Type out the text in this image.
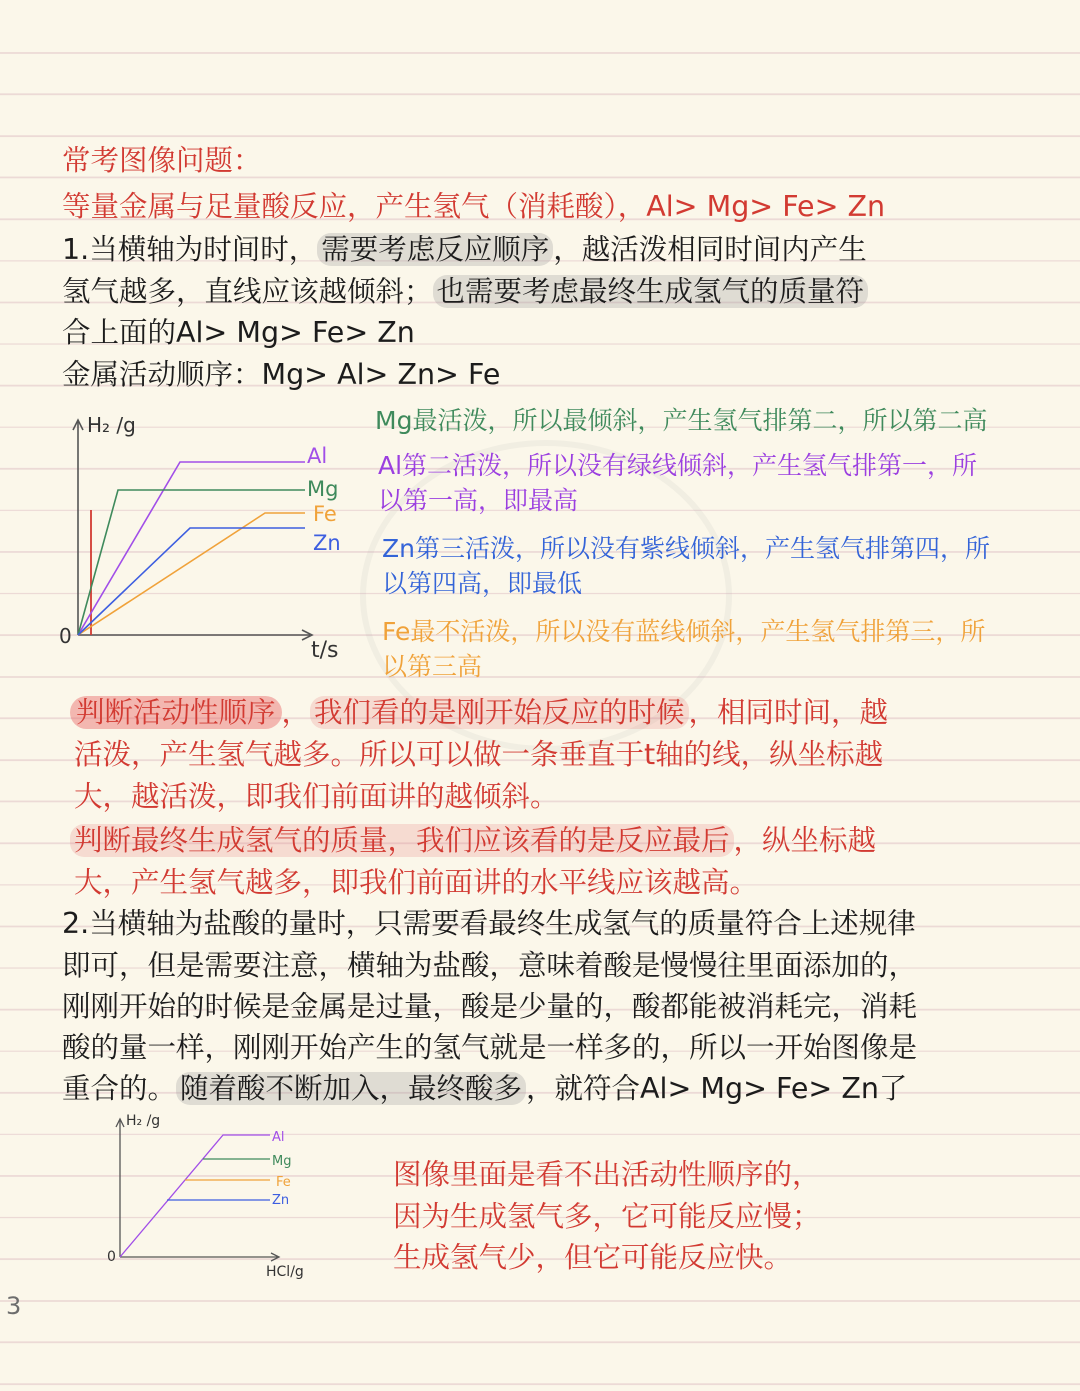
常考图像问题：
等量金属与足量酸反应，产生氢气（消耗酸），Al> Mg> Fe> Zn
1.当横轴为时间时， 需要考虑反应顺序 ，越活泼相同时间内产生
氢气越多，直线应该越倾斜； 也需要考虑最终生成氢气的质量符
合上面的Al> Mg> Fe> Zn
金属活动顺序：Mg> Al> Zn> Fe
H₂ /g
t/s
0
Al
Mg
Fe
Zn
Mg最活泼，所以最倾斜，产生氢气排第二，所以第二高
Al第二活泼，所以没有绿线倾斜，产生氢气排第一，所
以第一高，即最高
Zn第三活泼，所以没有紫线倾斜，产生氢气排第四，所
以第四高，即最低
Fe最不活泼，所以没有蓝线倾斜，产生氢气排第三，所
以第三高
判断活动性顺序 ， 我们看的是刚开始反应的时候 ，相同时间，越
活泼，产生氢气越多。所以可以做一条垂直于t轴的线，纵坐标越
大，越活泼，即我们前面讲的越倾斜。
判断最终生成氢气的质量，我们应该看的是反应最后 ，纵坐标越
大，产生氢气越多，即我们前面讲的水平线应该越高。
2.当横轴为盐酸的量时，只需要看最终生成氢气的质量符合上述规律
即可，但是需要注意，横轴为盐酸，意味着酸是慢慢往里面添加的，
刚刚开始的时候是金属是过量，酸是少量的，酸都能被消耗完，消耗
酸的量一样，刚刚开始产生的氢气就是一样多的，所以一开始图像是
重合的。 随着酸不断加入，最终酸多 ，就符合Al> Mg> Fe> Zn了
H₂ /g
HCl/g
0
Al
Mg
Fe
Zn
图像里面是看不出活动性顺序的，
因为生成氢气多，它可能反应慢；
生成氢气少，但它可能反应快。
3
